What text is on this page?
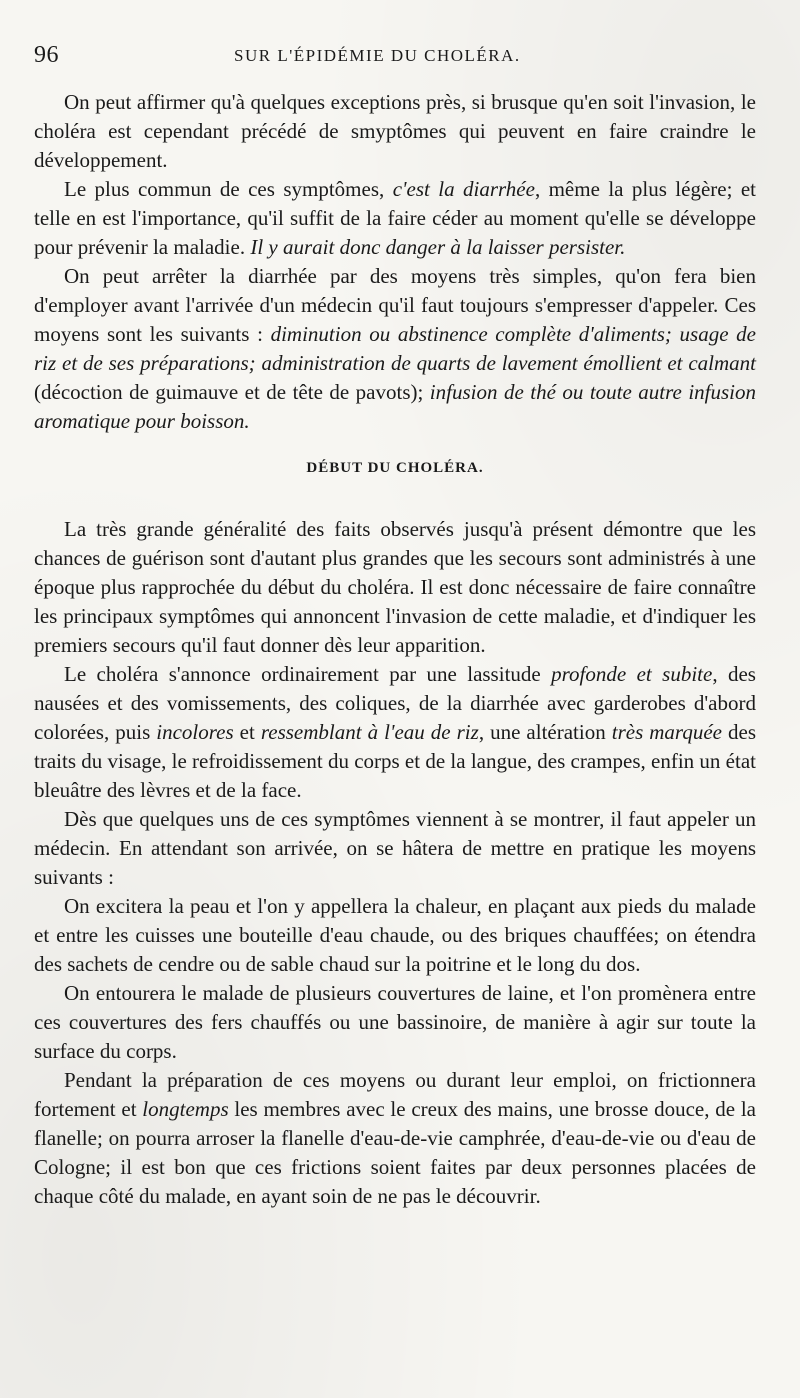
96	SUR L'ÉPIDÉMIE DU CHOLÉRA.

On peut affirmer qu'à quelques exceptions près, si brusque qu'en soit l'invasion, le choléra est cependant précédé de smyptômes qui peuvent en faire craindre le développement.

Le plus commun de ces symptômes, c'est la diarrhée, même la plus légère; et telle en est l'importance, qu'il suffit de la faire céder au moment qu'elle se développe pour prévenir la maladie. Il y aurait donc danger à la laisser persister.

On peut arrêter la diarrhée par des moyens très simples, qu'on fera bien d'employer avant l'arrivée d'un médecin qu'il faut toujours s'empresser d'appeler. Ces moyens sont les suivants : diminution ou abstinence complète d'aliments; usage de riz et de ses préparations; administration de quarts de lavement émollient et calmant (décoction de guimauve et de tête de pavots); infusion de thé ou toute autre infusion aromatique pour boisson.

DÉBUT DU CHOLÉRA.

La très grande généralité des faits observés jusqu'à présent démontre que les chances de guérison sont d'autant plus grandes que les secours sont administrés à une époque plus rapprochée du début du choléra. Il est donc nécessaire de faire connaître les principaux symptômes qui annoncent l'invasion de cette maladie, et d'indiquer les premiers secours qu'il faut donner dès leur apparition.

Le choléra s'annonce ordinairement par une lassitude profonde et subite, des nausées et des vomissements, des coliques, de la diarrhée avec garderobes d'abord colorées, puis incolores et ressemblant à l'eau de riz, une altération très marquée des traits du visage, le refroidissement du corps et de la langue, des crampes, enfin un état bleuâtre des lèvres et de la face.

Dès que quelques uns de ces symptômes viennent à se montrer, il faut appeler un médecin. En attendant son arrivée, on se hâtera de mettre en pratique les moyens suivants :

On excitera la peau et l'on y appellera la chaleur, en plaçant aux pieds du malade et entre les cuisses une bouteille d'eau chaude, ou des briques chauffées; on étendra des sachets de cendre ou de sable chaud sur la poitrine et le long du dos.

On entourera le malade de plusieurs couvertures de laine, et l'on promènera entre ces couvertures des fers chauffés ou une bassinoire, de manière à agir sur toute la surface du corps.

Pendant la préparation de ces moyens ou durant leur emploi, on frictionnera fortement et longtemps les membres avec le creux des mains, une brosse douce, de la flanelle; on pourra arroser la flanelle d'eau-de-vie camphrée, d'eau-de-vie ou d'eau de Cologne; il est bon que ces frictions soient faites par deux personnes placées de chaque côté du malade, en ayant soin de ne pas le découvrir.
